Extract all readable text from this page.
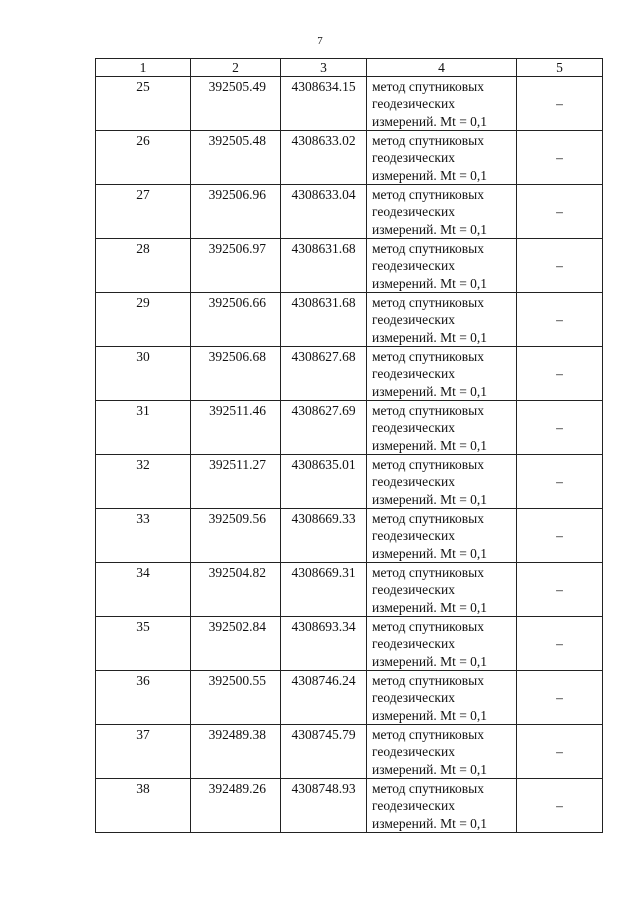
7
1	2	3	4	5
25	392505.49	4308634.15	метод спутниковых
геодезических
измерений. Mt = 0,1	–
26	392505.48	4308633.02	метод спутниковых
геодезических
измерений. Mt = 0,1	–
27	392506.96	4308633.04	метод спутниковых
геодезических
измерений. Mt = 0,1	–
28	392506.97	4308631.68	метод спутниковых
геодезических
измерений. Mt = 0,1	–
29	392506.66	4308631.68	метод спутниковых
геодезических
измерений. Mt = 0,1	–
30	392506.68	4308627.68	метод спутниковых
геодезических
измерений. Mt = 0,1	–
31	392511.46	4308627.69	метод спутниковых
геодезических
измерений. Mt = 0,1	–
32	392511.27	4308635.01	метод спутниковых
геодезических
измерений. Mt = 0,1	–
33	392509.56	4308669.33	метод спутниковых
геодезических
измерений. Mt = 0,1	–
34	392504.82	4308669.31	метод спутниковых
геодезических
измерений. Mt = 0,1	–
35	392502.84	4308693.34	метод спутниковых
геодезических
измерений. Mt = 0,1	–
36	392500.55	4308746.24	метод спутниковых
геодезических
измерений. Mt = 0,1	–
37	392489.38	4308745.79	метод спутниковых
геодезических
измерений. Mt = 0,1	–
38	392489.26	4308748.93	метод спутниковых
геодезических
измерений. Mt = 0,1	–
